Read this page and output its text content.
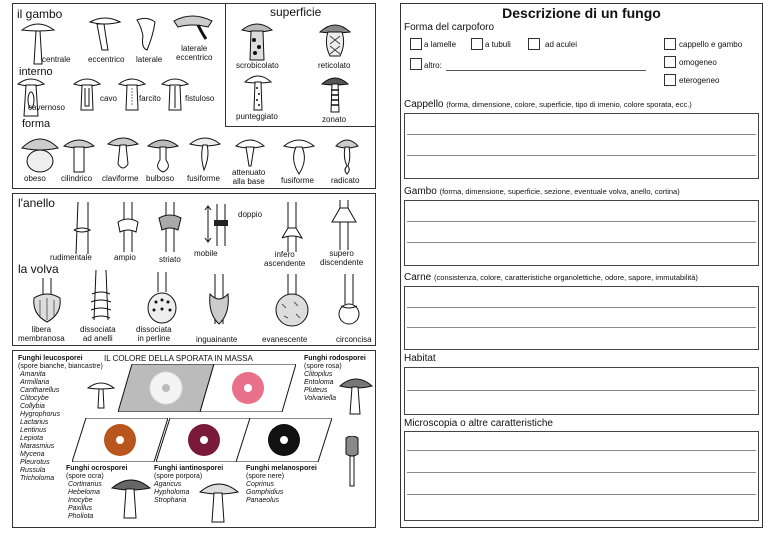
il gambo
interno
superficie
forma
centrale eccentrico laterale
laterale
eccentrico
cavernoso
cavo	farcito	fistuloso
scrobicolato	reticolato
punteggiato	zonato
obeso cilindrico claviforme bulboso fusiforme
attenuato
alla base fusiforme radicato
l'anello
la volva
rudimentale	ampio	striato
mobile
doppio
infero
ascendente
supero
discendente
libera
membranosa
dissociata
ad anelli
dissociata
in perline	inguainante	evanescente	circoncisa
IL COLORE DELLA SPORATA IN MASSA
Funghi leucosporei
(spore bianche, biancastre)
Amanita
Armillaria
Cantharellus
Clitocybe
Collybia
Hygrophorus
Lactarius
Lentinus
Lepiota
Marasmius
Mycena
Pleurotus
Russula
Tricholoma
Funghi rodosporei
(spore rosa)
Clitopilus
Entoloma
Pluteus
Volvariella
Funghi ocrosporei
(spore ocra)
Cortinarius
Hebeloma
Inocybe
Paxillus
Pholiota
Funghi iantinosporei
(spore porpora)
Agaricus
Hypholoma
Stropharia
Funghi melanosporei
(spore nere)
Coprinus
Gomphidius
Panaeolus
Descrizione di un fungo
Forma del carpoforo
a lamelle	a tubuli	ad aculei
altro:
cappello e gambo
omogeneo
eterogeneo
Cappello (forma, dimensione, colore, superficie, tipo di imenio, colore sporata, ecc.)
Gambo (forma, dimensione, superficie, sezione, eventuale volva, anello, cortina)
Carne (consistenza, colore, caratteristiche organolettiche, odore, sapore, immutabilità)
Habitat
Microscopia o altre caratteristiche
